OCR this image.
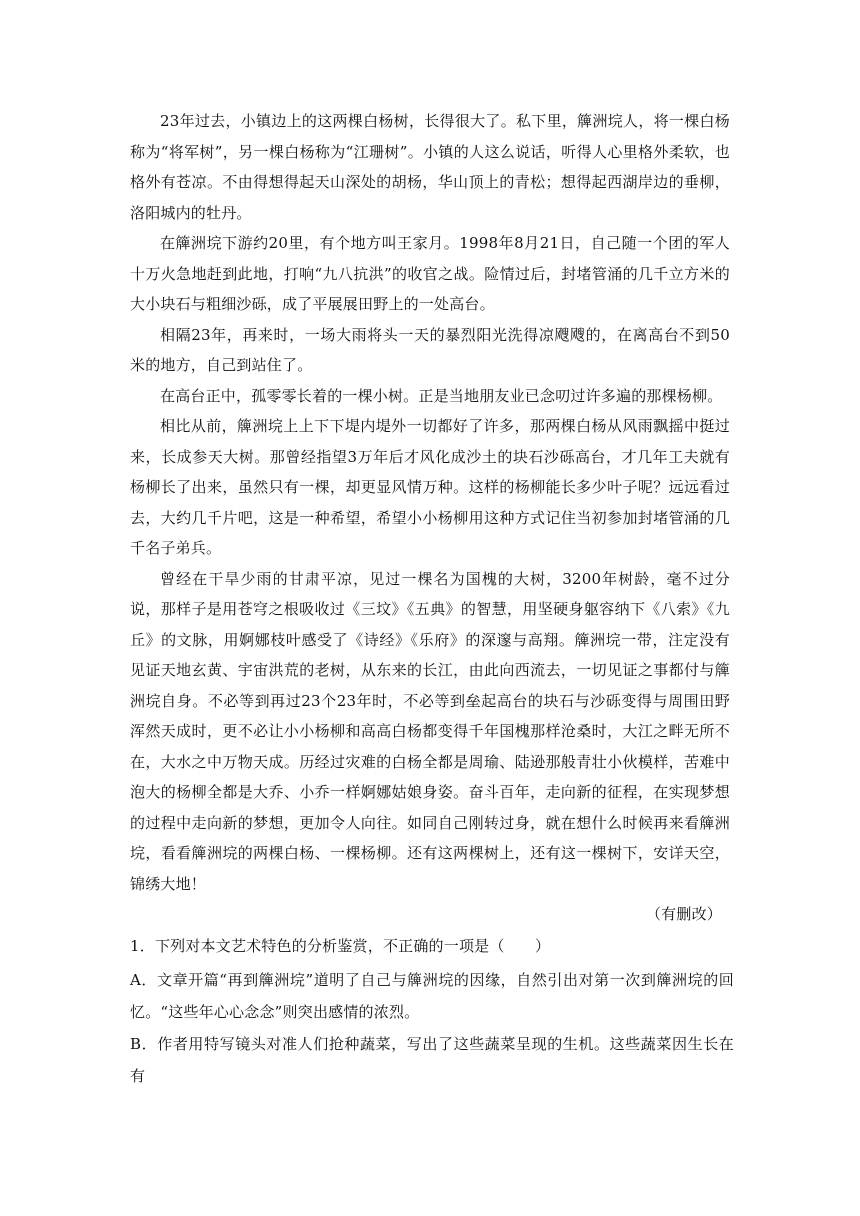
23年过去，小镇边上的这两棵白杨树，长得很大了。私下里，簰洲垸人，将一棵白杨称为“将军树”，另一棵白杨称为“江珊树”。小镇的人这么说话，听得人心里格外柔软，也格外有苍凉。不由得想得起天山深处的胡杨，华山顶上的青松；想得起西湖岸边的垂柳，洛阳城内的牡丹。

在簰洲垸下游约20里，有个地方叫王家月。1998年8月21日，自己随一个团的军人十万火急地赶到此地，打响“九八抗洪”的收官之战。险情过后，封堵管涌的几千立方米的大小块石与粗细沙砾，成了平展展田野上的一处高台。

相隔23年，再来时，一场大雨将头一天的暴烈阳光洗得凉飕飕的，在离高台不到50米的地方，自己到站住了。

在高台正中，孤零零长着的一棵小树。正是当地朋友业已念叨过许多遍的那棵杨柳。

相比从前，簰洲垸上上下下堤内堤外一切都好了许多，那两棵白杨从风雨飘摇中挺过来，长成参天大树。那曾经指望3万年后才风化成沙土的块石沙砾高台，才几年工夫就有杨柳长了出来，虽然只有一棵，却更显风情万种。这样的杨柳能长多少叶子呢？远远看过去，大约几千片吧，这是一种希望，希望小小杨柳用这种方式记住当初参加封堵管涌的几千名子弟兵。

曾经在干旱少雨的甘肃平凉，见过一棵名为国槐的大树，3200年树龄，毫不过分说，那样子是用苍穹之根吸收过《三坟》《五典》的智慧，用坚硬身躯容纳下《八索》《九丘》的文脉，用婀娜枝叶感受了《诗经》《乐府》的深邃与高翔。簰洲垸一带，注定没有见证天地玄黄、宇宙洪荒的老树，从东来的长江，由此向西流去，一切见证之事都付与簰洲垸自身。不必等到再过23个23年时，不必等到垒起高台的块石与沙砾变得与周围田野浑然天成时，更不必让小小杨柳和高高白杨都变得千年国槐那样沧桑时，大江之畔无所不在，大水之中万物天成。历经过灾难的白杨全都是周瑜、陆逊那般青壮小伙模样，苦难中泡大的杨柳全都是大乔、小乔一样婀娜姑娘身姿。奋斗百年，走向新的征程，在实现梦想的过程中走向新的梦想，更加令人向往。如同自己刚转过身，就在想什么时候再来看簰洲垸，看看簰洲垸的两棵白杨、一棵杨柳。还有这两棵树上，还有这一棵树下，安详天空，锦绣大地！

（有删改）

1．下列对本文艺术特色的分析鉴赏，不正确的一项是（　　）

A．文章开篇“再到簰洲垸”道明了自己与簰洲垸的因缘，自然引出对第一次到簰洲垸的回忆。“这些年心心念念”则突出感情的浓烈。

B．作者用特写镜头对准人们抢种蔬菜，写出了这些蔬菜呈现的生机。这些蔬菜因生长在有
